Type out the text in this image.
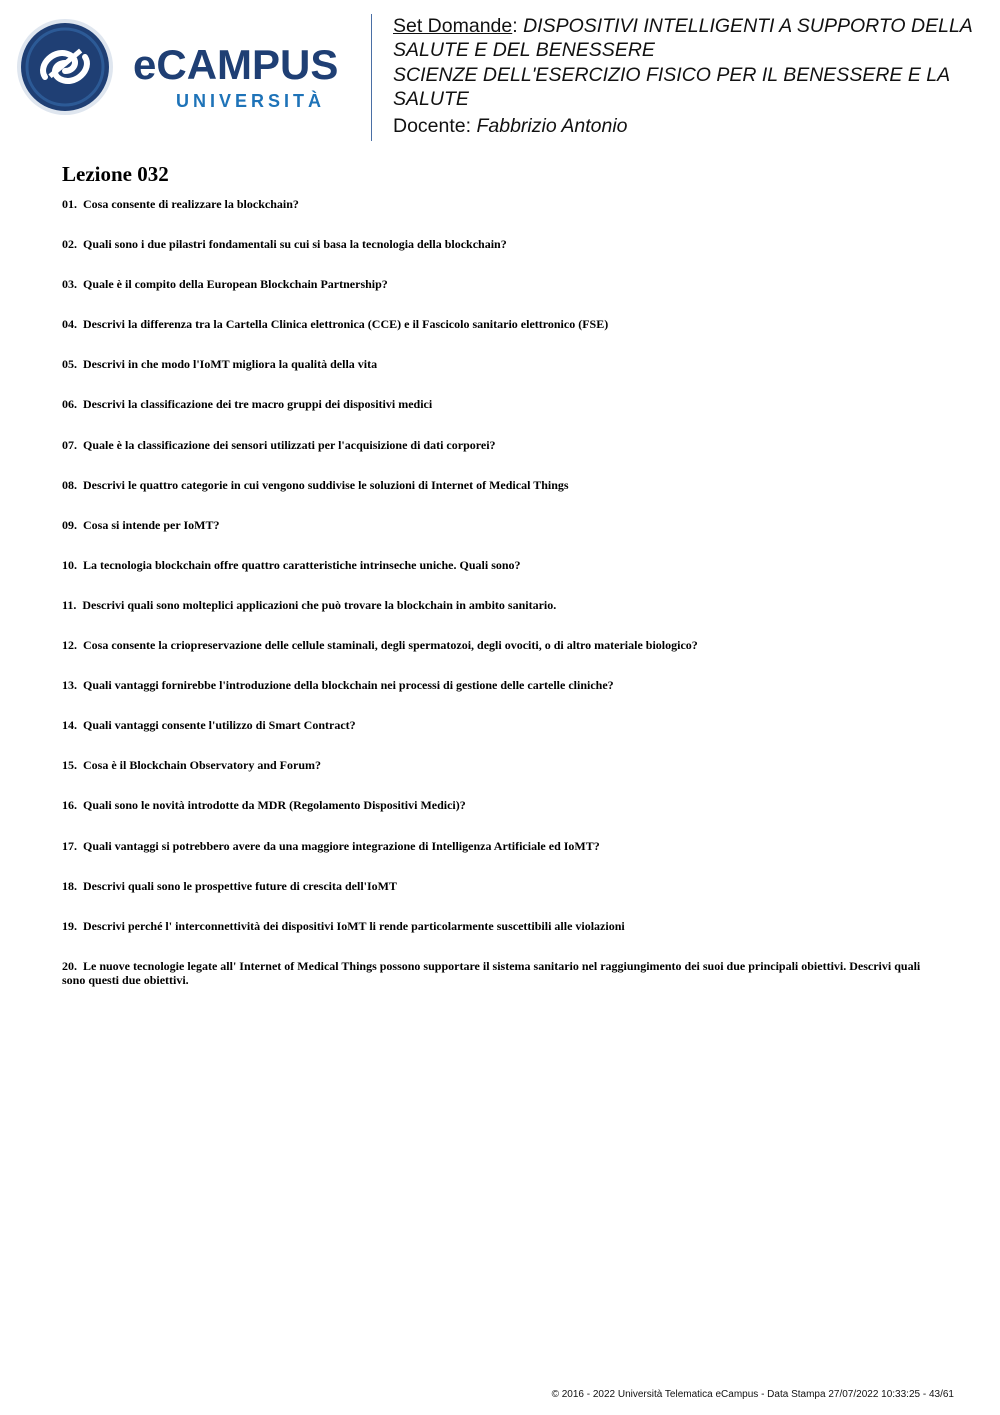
eCAMPUS
UNIVERSITÀ
Set Domande: DISPOSITIVI INTELLIGENTI A SUPPORTO DELLA
SALUTE E DEL BENESSERE
SCIENZE DELL'ESERCIZIO FISICO PER IL BENESSERE E LA
SALUTE
Docente: Fabbrizio Antonio
Lezione 032

01. Cosa consente di realizzare la blockchain?

02. Quali sono i due pilastri fondamentali su cui si basa la tecnologia della blockchain?

03. Quale è il compito della European Blockchain Partnership?

04. Descrivi la differenza tra la Cartella Clinica elettronica (CCE) e il Fascicolo sanitario elettronico (FSE)

05. Descrivi in che modo l'IoMT migliora la qualità della vita

06. Descrivi la classificazione dei tre macro gruppi dei dispositivi medici

07. Quale è la classificazione dei sensori utilizzati per l'acquisizione di dati corporei?

08. Descrivi le quattro categorie in cui vengono suddivise le soluzioni di Internet of Medical Things

09. Cosa si intende per IoMT?

10. La tecnologia blockchain offre quattro caratteristiche intrinseche uniche. Quali sono?

11. Descrivi quali sono molteplici applicazioni che può trovare la blockchain in ambito sanitario.

12. Cosa consente la criopreservazione delle cellule staminali, degli spermatozoi, degli ovociti, o di altro materiale biologico?

13. Quali vantaggi fornirebbe l'introduzione della blockchain nei processi di gestione delle cartelle cliniche?

14. Quali vantaggi consente l'utilizzo di Smart Contract?

15. Cosa è il Blockchain Observatory and Forum?

16. Quali sono le novità introdotte da MDR (Regolamento Dispositivi Medici)?

17. Quali vantaggi si potrebbero avere da una maggiore integrazione di Intelligenza Artificiale ed IoMT?

18. Descrivi quali sono le prospettive future di crescita dell'IoMT

19. Descrivi perché l' interconnettività dei dispositivi IoMT li rende particolarmente suscettibili alle violazioni

20. Le nuove tecnologie legate all' Internet of Medical Things possono supportare il sistema sanitario nel raggiungimento dei suoi due principali obiettivi. Descrivi quali sono questi due obiettivi.

© 2016 - 2022 Università Telematica eCampus - Data Stampa 27/07/2022 10:33:25 - 43/61
